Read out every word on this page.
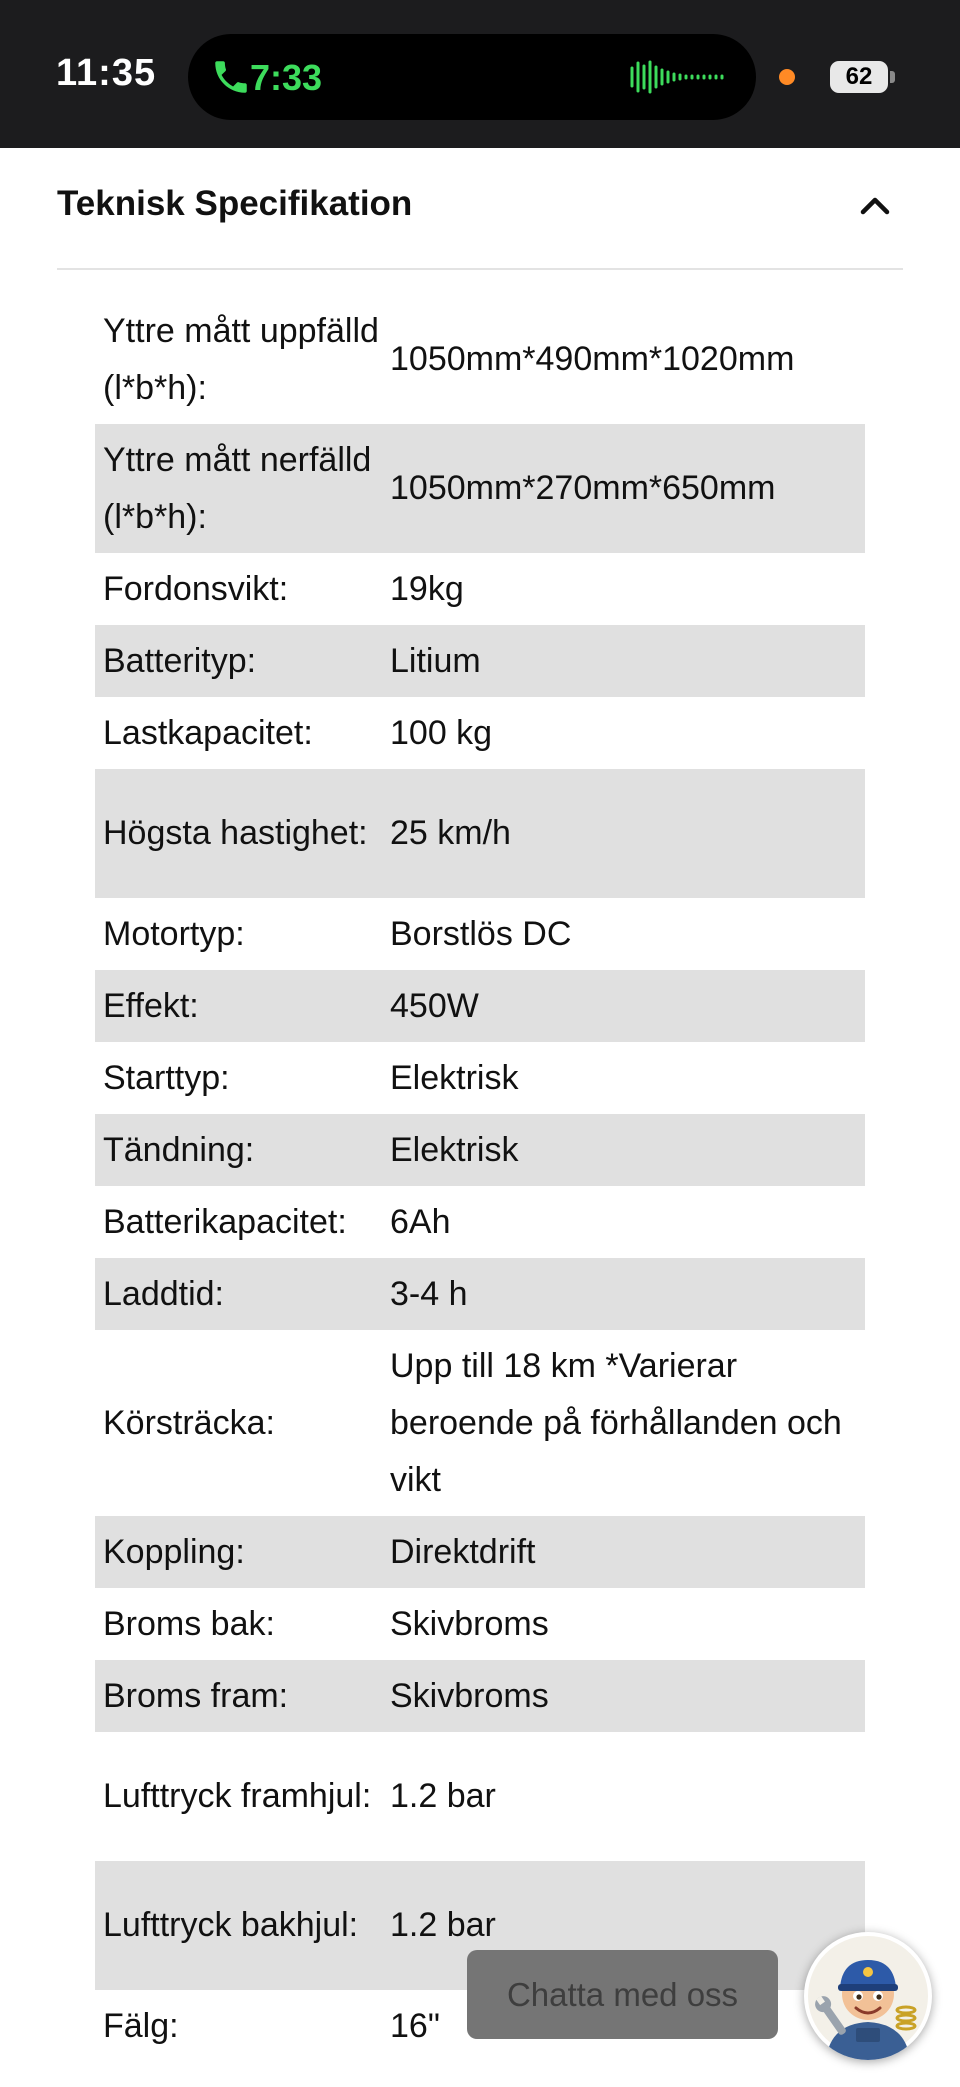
11:35	7:33	62
Teknisk Specifikation
Yttre mått uppfälld (l*b*h):
1050mm*490mm*1020mm
Yttre mått nerfälld (l*b*h):
1050mm*270mm*650mm
Fordonsvikt:	19kg
Batterityp:	Litium
Lastkapacitet:	100 kg
Högsta hastighet: 25 km/h
Motortyp:	Borstlös DC
Effekt:	450W
Starttyp:	Elektrisk
Tändning:	Elektrisk
Batterikapacitet:	6Ah
Laddtid:	3-4 h
Körsträcka:
Upp till 18 km *Varierar beroende på förhållanden och vikt
Koppling:	Direktdrift
Broms bak:	Skivbroms
Broms fram:	Skivbroms
Lufttryck framhjul: 1.2 bar
Lufttryck bakhjul: 1.2 bar
Fälg:	16"
Chatta med oss
